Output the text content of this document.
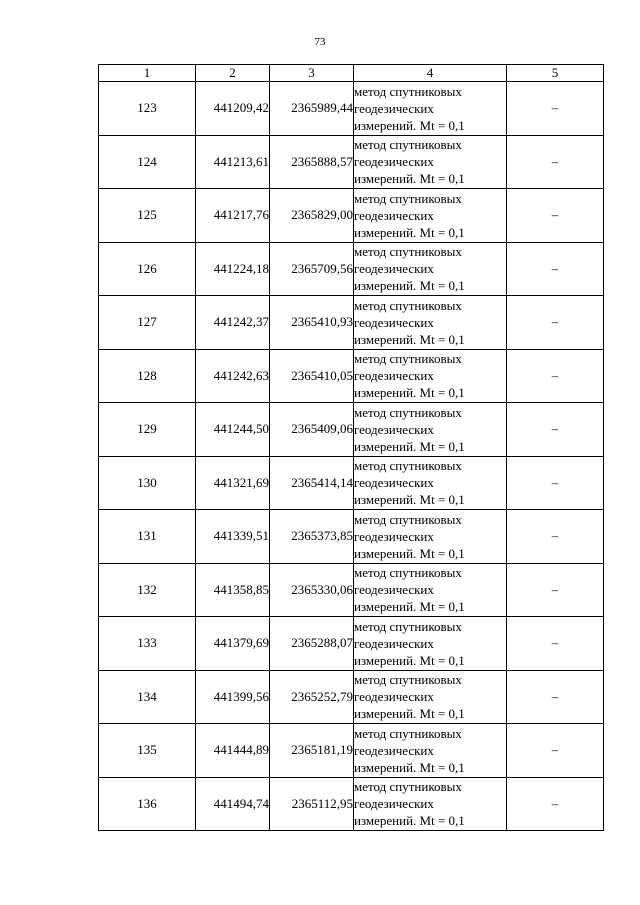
73
1	2	3	4	5
123	441209,42	2365989,44	метод спутниковых
геодезических
измерений. Mt = 0,1	–
124	441213,61	2365888,57	метод спутниковых
геодезических
измерений. Mt = 0,1	–
125	441217,76	2365829,00	метод спутниковых
геодезических
измерений. Mt = 0,1	–
126	441224,18	2365709,56	метод спутниковых
геодезических
измерений. Mt = 0,1	–
127	441242,37	2365410,93	метод спутниковых
геодезических
измерений. Mt = 0,1	–
128	441242,63	2365410,05	метод спутниковых
геодезических
измерений. Mt = 0,1	–
129	441244,50	2365409,06	метод спутниковых
геодезических
измерений. Mt = 0,1	–
130	441321,69	2365414,14	метод спутниковых
геодезических
измерений. Mt = 0,1	–
131	441339,51	2365373,85	метод спутниковых
геодезических
измерений. Mt = 0,1	–
132	441358,85	2365330,06	метод спутниковых
геодезических
измерений. Mt = 0,1	–
133	441379,69	2365288,07	метод спутниковых
геодезических
измерений. Mt = 0,1	–
134	441399,56	2365252,79	метод спутниковых
геодезических
измерений. Mt = 0,1	–
135	441444,89	2365181,19	метод спутниковых
геодезических
измерений. Mt = 0,1	–
136	441494,74	2365112,95	метод спутниковых
геодезических
измерений. Mt = 0,1	–
